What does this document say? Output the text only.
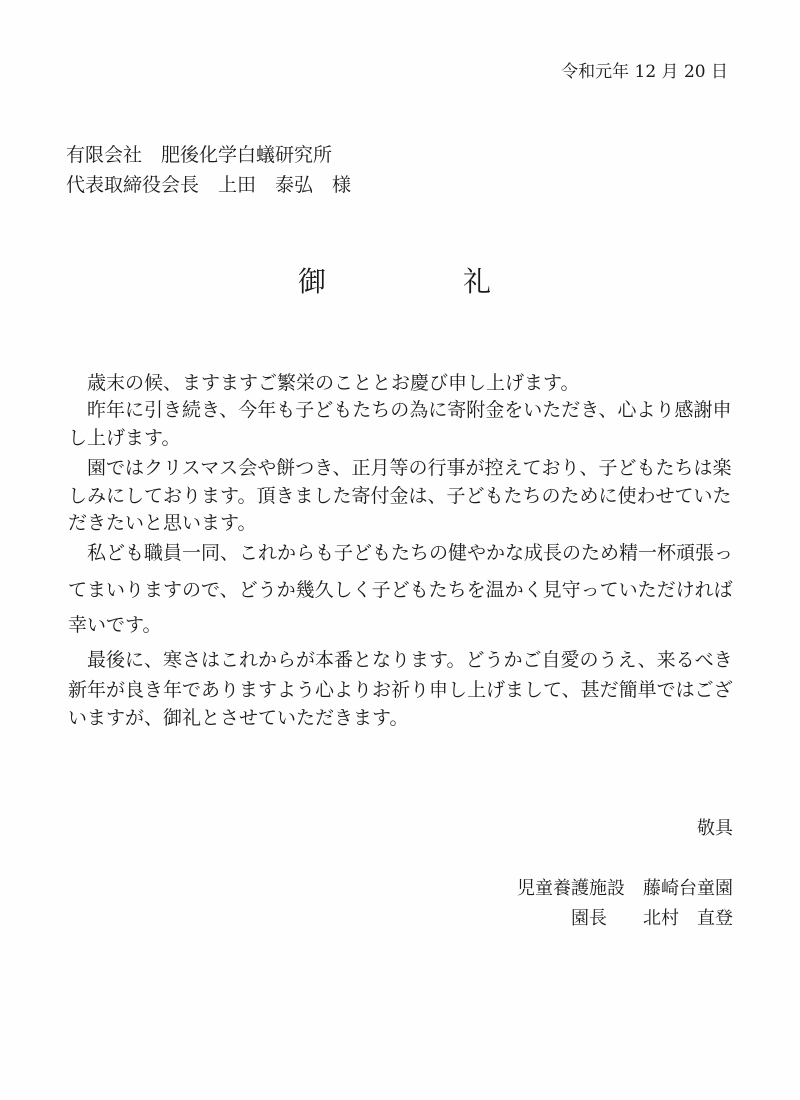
令和元年 12 月 20 日
有限会社　肥後化学白蟻研究所
代表取締役会長　上田　泰弘　様
御礼
歳末の候、ますますご繁栄のこととお慶び申し上げます。
昨年に引き続き、今年も子どもたちの為に寄附金をいただき、心より感謝申
し上げます。
園ではクリスマス会や餅つき、正月等の行事が控えており、子どもたちは楽
しみにしております。頂きました寄付金は、子どもたちのために使わせていた
だきたいと思います。
私ども職員一同、これからも子どもたちの健やかな成長のため精一杯頑張っ
てまいりますので、どうか幾久しく子どもたちを温かく見守っていただければ
幸いです。
最後に、寒さはこれからが本番となります。どうかご自愛のうえ、来るべき
新年が良き年でありますよう心よりお祈り申し上げまして、甚だ簡単ではござ
いますが、御礼とさせていただきます。
敬具
児童養護施設　藤崎台童園
園長　　北村　直登
